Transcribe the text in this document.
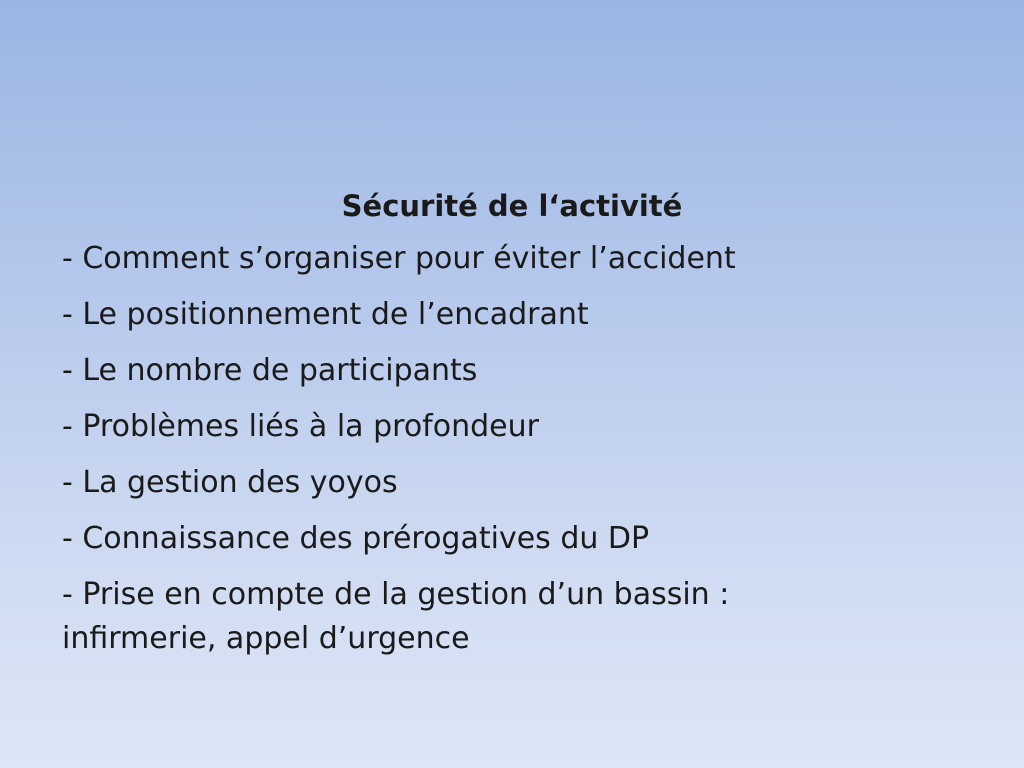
Sécurité de l‘activité
- Comment s’organiser pour éviter l’accident
- Le positionnement de l’encadrant
- Le nombre de participants
- Problèmes liés à la profondeur
- La gestion des yoyos
- Connaissance des prérogatives du DP
- Prise en compte de la gestion d’un bassin : infirmerie, appel d’urgence
